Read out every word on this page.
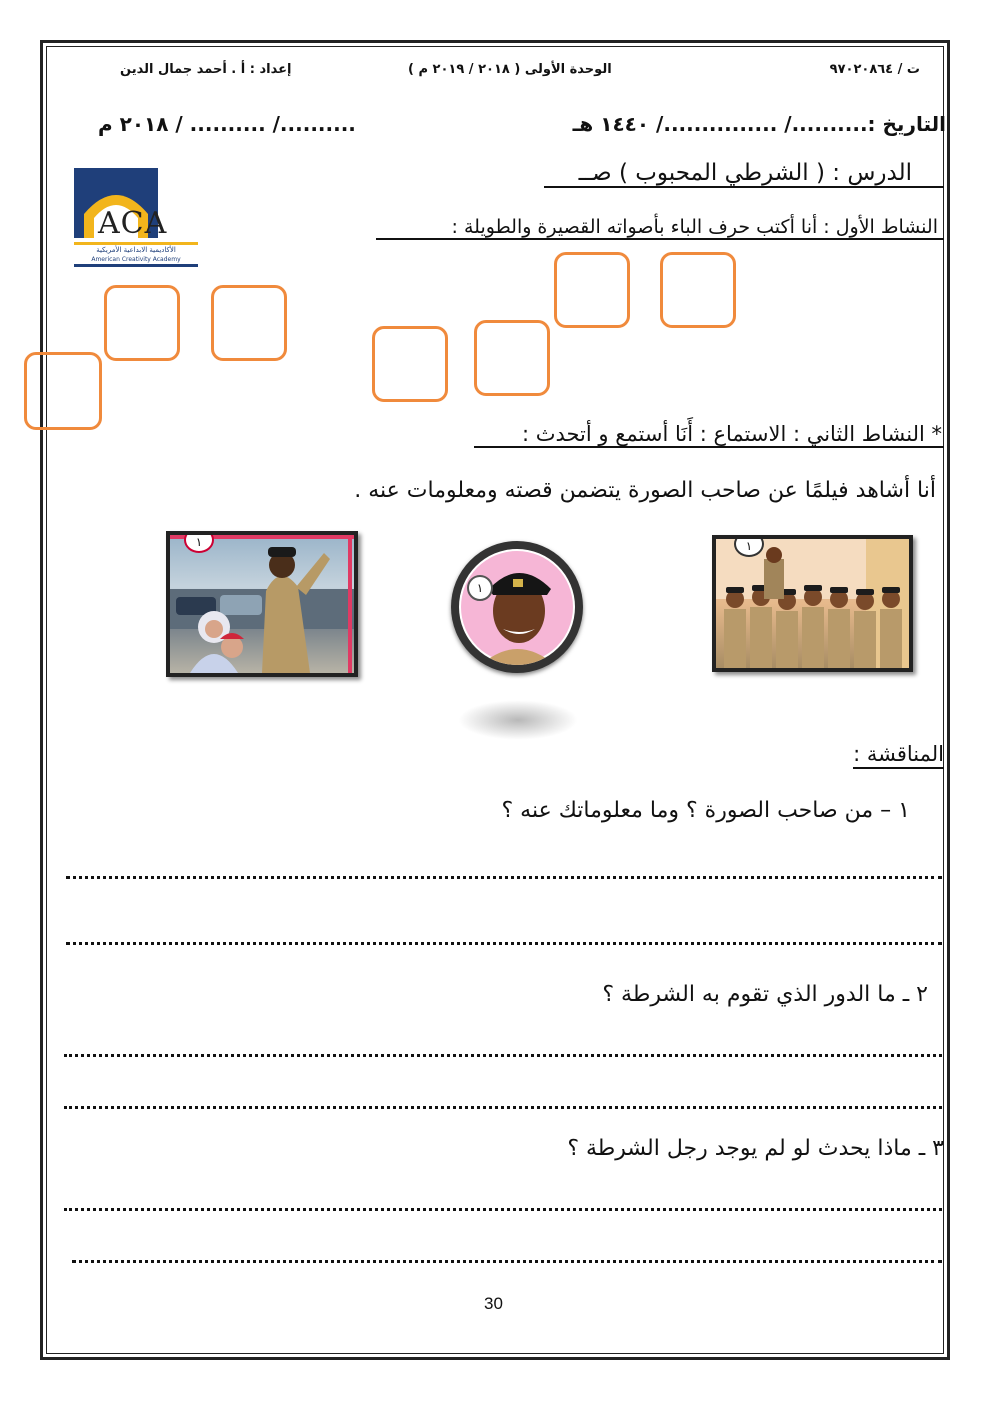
ت / ٩٧٠٢٠٨٦٤
الوحدة الأولى ( ٢٠١٨ / ٢٠١٩ م )
إعداد : أ . أحمد جمال الدين
التاريخ :........../ .............../ ١٤٤٠ هـ
........../ .......... / ٢٠١٨ م
الدرس : ( الشرطي المحبوب ) صــ
ACA
الأكاديمية الابداعية الأمريكية
American Creativity Academy
النشاط الأول : أنا أكتب حرف الباء بأصواته القصيرة والطويلة :
* النشاط الثاني : الاستماع : أَنَا أستمع و أتحدث :
أنا أشاهد فيلمًا عن صاحب الصورة يتضمن قصته ومعلومات عنه .
١
١
١
المناقشة :
١ – من صاحب الصورة ؟ وما معلوماتك عنه ؟
٢ ـ ما الدور الذي تقوم به الشرطة ؟
٣ ـ ماذا يحدث لو لم يوجد رجل الشرطة ؟
30
